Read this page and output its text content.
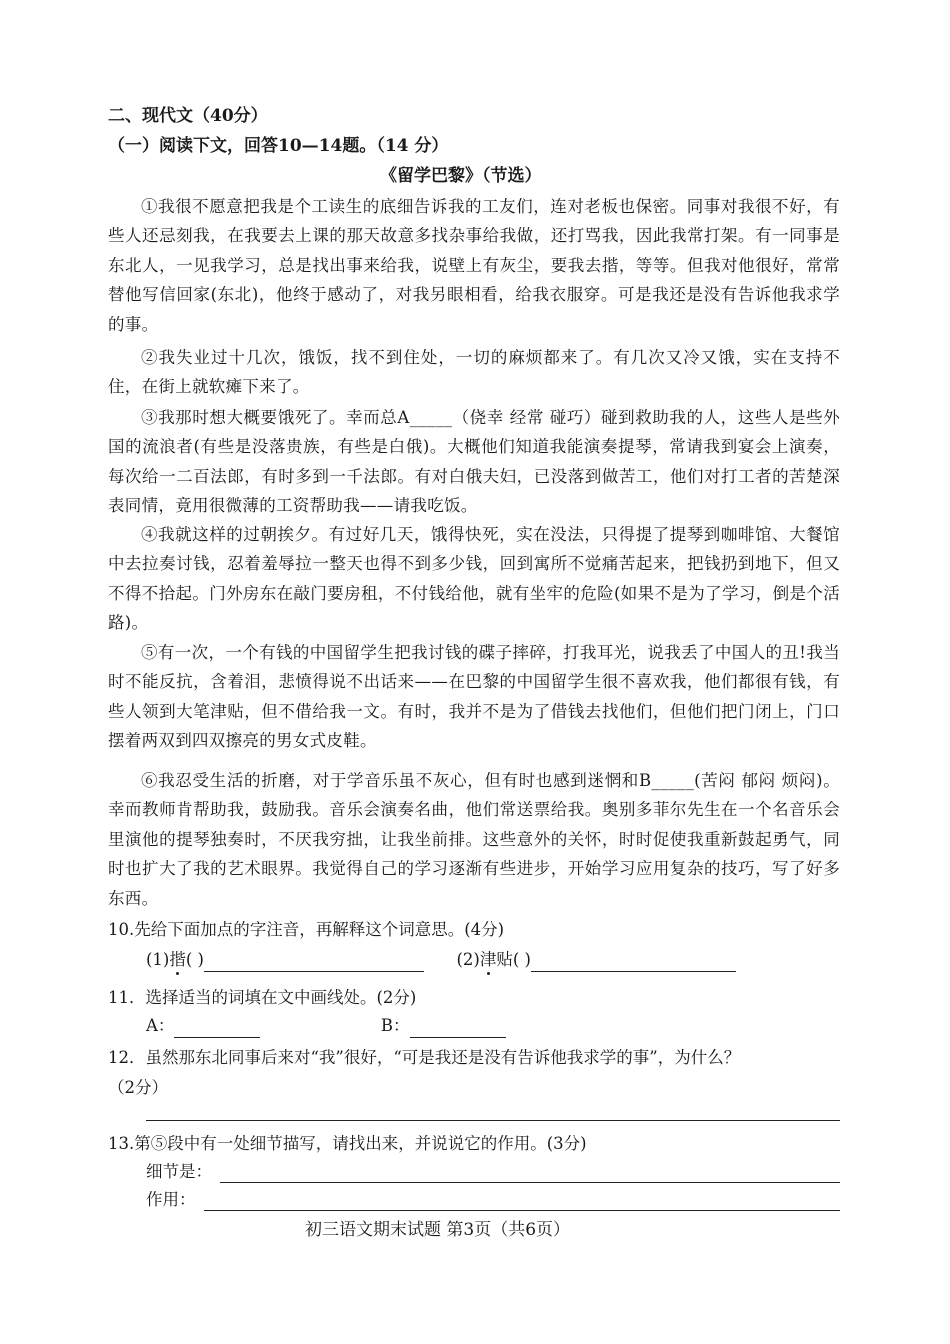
二、现代文（40分）
（一）阅读下文，回答10—14题。（14 分）
《留学巴黎》（节选）
①我很不愿意把我是个工读生的底细告诉我的工友们，连对老板也保密。同事对我很不好，有些人还忌刻我，在我要去上课的那天故意多找杂事给我做，还打骂我，因此我常打架。有一同事是东北人，一见我学习，总是找出事来给我，说壁上有灰尘，要我去揩，等等。但我对他很好，常常替他写信回家(东北)，他终于感动了，对我另眼相看，给我衣服穿。可是我还是没有告诉他我求学的事。
②我失业过十几次，饿饭，找不到住处，一切的麻烦都来了。有几次又冷又饿，实在支持不住，在街上就软瘫下来了。
③我那时想大概要饿死了。幸而总A_____（侥幸 经常 碰巧）碰到救助我的人，这些人是些外国的流浪者(有些是没落贵族，有些是白俄)。大概他们知道我能演奏提琴，常请我到宴会上演奏，每次给一二百法郎，有时多到一千法郎。有对白俄夫妇，已没落到做苦工，他们对打工者的苦楚深表同情，竟用很微薄的工资帮助我——请我吃饭。
④我就这样的过朝挨夕。有过好几天，饿得快死，实在没法，只得提了提琴到咖啡馆、大餐馆中去拉奏讨钱，忍着羞辱拉一整天也得不到多少钱，回到寓所不觉痛苦起来，把钱扔到地下，但又不得不拾起。门外房东在敲门要房租，不付钱给他，就有坐牢的危险(如果不是为了学习，倒是个活路)。
⑤有一次，一个有钱的中国留学生把我讨钱的碟子摔碎，打我耳光，说我丢了中国人的丑!我当时不能反抗，含着泪，悲愤得说不出话来——在巴黎的中国留学生很不喜欢我，他们都很有钱，有些人领到大笔津贴，但不借给我一文。有时，我并不是为了借钱去找他们，但他们把门闭上，门口摆着两双到四双擦亮的男女式皮鞋。
⑥我忍受生活的折磨，对于学音乐虽不灰心，但有时也感到迷惘和B_____(苦闷 郁闷 烦闷)。幸而教师肯帮助我，鼓励我。音乐会演奏名曲，他们常送票给我。奥别多菲尔先生在一个名音乐会里演他的提琴独奏时，不厌我穷拙，让我坐前排。这些意外的关怀，时时促使我重新鼓起勇气，同时也扩大了我的艺术眼界。我觉得自己的学习逐渐有些进步，开始学习应用复杂的技巧，写了好多东西。
10.先给下面加点的字注音，再解释这个词意思。(4分)
(1)揩( )	(2)津贴( )
11．选择适当的词填在文中画线处。(2分)
A：	B：
12．虽然那东北同事后来对“我”很好，“可是我还是没有告诉他我求学的事”，为什么？
（2分）
13.第⑤段中有一处细节描写，请找出来，并说说它的作用。(3分)
细节是：
作用：
初三语文期末试题 第3页（共6页）
